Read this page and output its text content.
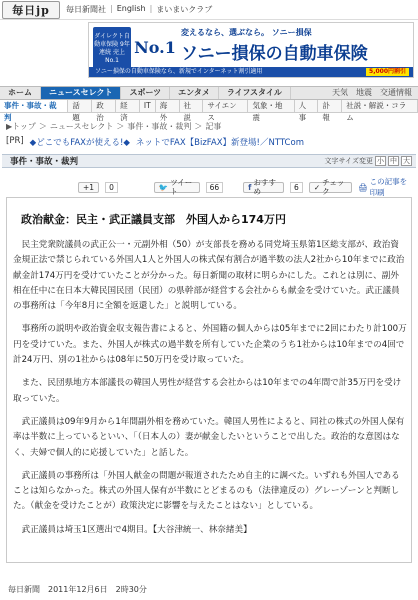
毎日jp	毎日新聞社 | English | まいまいクラブ
ダイレクト自動車保険 9年連続 売上 No.1
No.1
変えるなら、選ぶなら。 ソニー損保
ソニー損保の自動車保険
ソニー損保の自動車保険なら、新規でインターネット割引適用	5,000円割引
ホーム	ニュースセレクト	スポーツ	エンタメ	ライフスタイル	天気 地震 交通情報
事件・事故・裁判
話題
政治
経済
IT	海外
社説
サイエンス
気象・地震
人事
訃報
社説・解説・コラム
▶トップ ＞ ニュースセレクト ＞ 事件・事故・裁判 ＞ 記事
[PR] ◆どこでもFAXが使える!◆ ネットでFAX【BizFAX】新登場!／NTTCom
事件・事故・裁判	文字サイズ変更 小 中 大
+1	0	🐦 ツイート	66	f おすすめ	6	✓ チェック	🖨
この記事を印刷
政治献金：民主・武正議員支部　外国人から174万円

民主党衆院議員の武正公一・元副外相（50）が支部長を務める同党埼玉県第1区総支部が、政治資金規正法で禁じられている外国人1人と外国人の株式保有割合が過半数の法人2社から10年までに政治献金計174万円を受けていたことが分かった。毎日新聞の取材に明らかにした。これとは別に、副外相在任中に在日本大韓民国民団（民団）の県幹部が経営する会社からも献金を受けていた。武正議員の事務所は「今年8月に全額を返還した」と説明している。

事務所の説明や政治資金収支報告書によると、外国籍の個人からは05年までに2回にわたり計100万円を受けていた。また、外国人が株式の過半数を所有していた企業のうち1社からは10年までの4回で計24万円、別の1社からは08年に50万円を受け取っていた。

また、民団県地方本部議長の韓国人男性が経営する会社からは10年までの4年間で計35万円を受け取っていた。

武正議員は09年9月から1年間副外相を務めていた。韓国人男性によると、同社の株式の外国人保有率は半数に上っているといい、「（日本人の）妻が献金したいということで出した。政治的な意図はなく、夫婦で個人的に応援していた」と話した。

武正議員の事務所は「外国人献金の問題が報道されたため自主的に調べた。いずれも外国人であることは知らなかった。株式の外国人保有が半数にとどまるのも（法律違反の）グレーゾーンと判断した。（献金を受けたことが）政策決定に影響を与えたことはない」としている。

武正議員は埼玉1区選出で4期目。【大谷津統一、林奈緒美】

毎日新聞　2011年12月6日　2時30分
